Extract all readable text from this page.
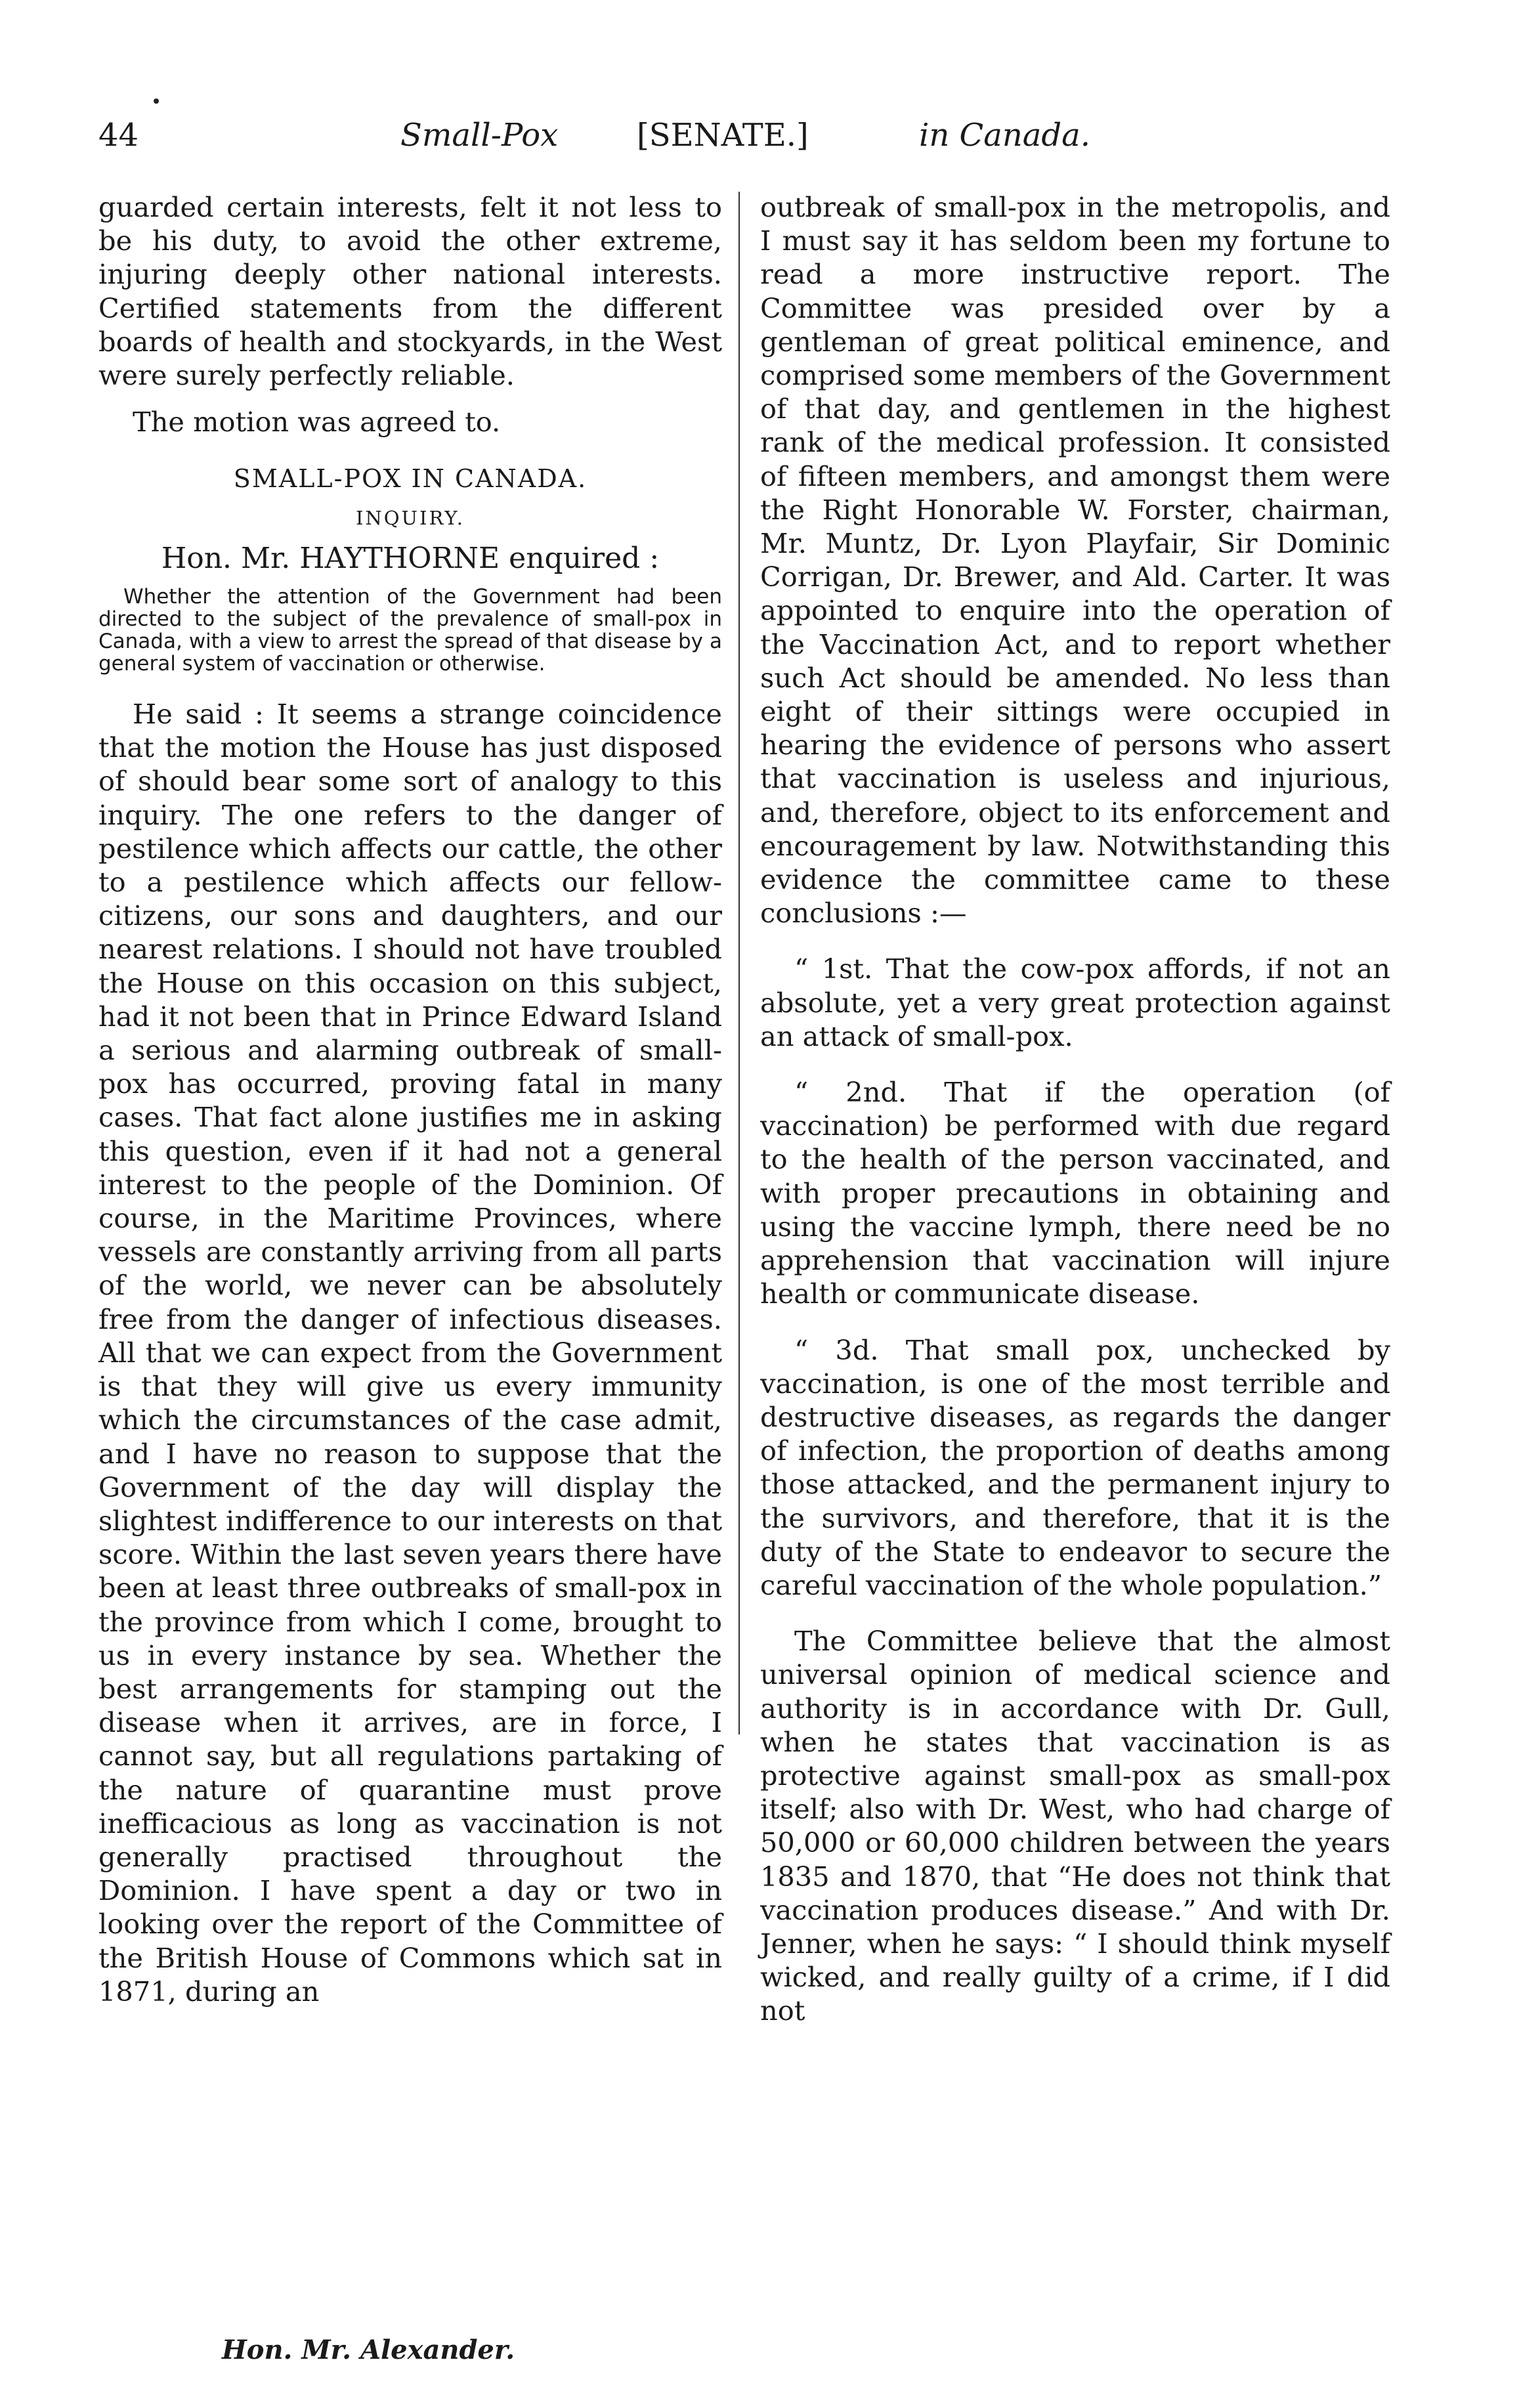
44	Small-Pox [SENATE.]	in Canada.

guarded certain interests, felt it not less to be his duty, to avoid the other extreme, injuring deeply other national interests. Certified statements from the different boards of health and stockyards, in the West were surely perfectly reliable.

The motion was agreed to.

SMALL-POX IN CANADA.

INQUIRY.

Hon. Mr. HAYTHORNE enquired :

Whether the attention of the Government had been directed to the subject of the prevalence of small-pox in Canada, with a view to arrest the spread of that disease by a general system of vaccination or otherwise.

He said : It seems a strange coincidence that the motion the House has just disposed of should bear some sort of analogy to this inquiry. The one refers to the danger of pestilence which affects our cattle, the other to a pestilence which affects our fellow-citizens, our sons and daughters, and our nearest relations. I should not have troubled the House on this occasion on this subject, had it not been that in Prince Edward Island a serious and alarming outbreak of small-pox has occurred, proving fatal in many cases. That fact alone justifies me in asking this question, even if it had not a general interest to the people of the Dominion. Of course, in the Maritime Provinces, where vessels are constantly arriving from all parts of the world, we never can be absolutely free from the danger of infectious diseases. All that we can expect from the Government is that they will give us every immunity which the circumstances of the case admit, and I have no reason to suppose that the Government of the day will display the slightest indifference to our interests on that score. Within the last seven years there have been at least three outbreaks of small-pox in the province from which I come, brought to us in every instance by sea. Whether the best arrangements for stamping out the disease when it arrives, are in force, I cannot say, but all regulations partaking of the nature of quarantine must prove inefficacious as long as vaccination is not generally practised throughout the Dominion. I have spent a day or two in looking over the report of the Committee of the British House of Commons which sat in 1871, during an

outbreak of small-pox in the metropolis, and I must say it has seldom been my fortune to read a more instructive report. The Committee was presided over by a gentleman of great political eminence, and comprised some members of the Government of that day, and gentlemen in the highest rank of the medical profession. It consisted of fifteen members, and amongst them were the Right Honorable W. Forster, chairman, Mr. Muntz, Dr. Lyon Playfair, Sir Dominic Corrigan, Dr. Brewer, and Ald. Carter. It was appointed to enquire into the operation of the Vaccination Act, and to report whether such Act should be amended. No less than eight of their sittings were occupied in hearing the evidence of persons who assert that vaccination is useless and injurious, and, therefore, object to its enforcement and encouragement by law. Notwithstanding this evidence the committee came to these conclusions :—

“ 1st. That the cow-pox affords, if not an absolute, yet a very great protection against an attack of small-pox.

“ 2nd. That if the operation (of vaccination) be performed with due regard to the health of the person vaccinated, and with proper precautions in obtaining and using the vaccine lymph, there need be no apprehension that vaccination will injure health or communicate disease.

“ 3d. That small pox, unchecked by vaccination, is one of the most terrible and destructive diseases, as regards the danger of infection, the proportion of deaths among those attacked, and the permanent injury to the survivors, and therefore, that it is the duty of the State to endeavor to secure the careful vaccination of the whole population.”

The Committee believe that the almost universal opinion of medical science and authority is in accordance with Dr. Gull, when he states that vaccination is as protective against small-pox as small-pox itself; also with Dr. West, who had charge of 50,000 or 60,000 children between the years 1835 and 1870, that “He does not think that vaccination produces disease.” And with Dr. Jenner, when he says: “ I should think myself wicked, and really guilty of a crime, if I did not

Hon. Mr. Alexander.
